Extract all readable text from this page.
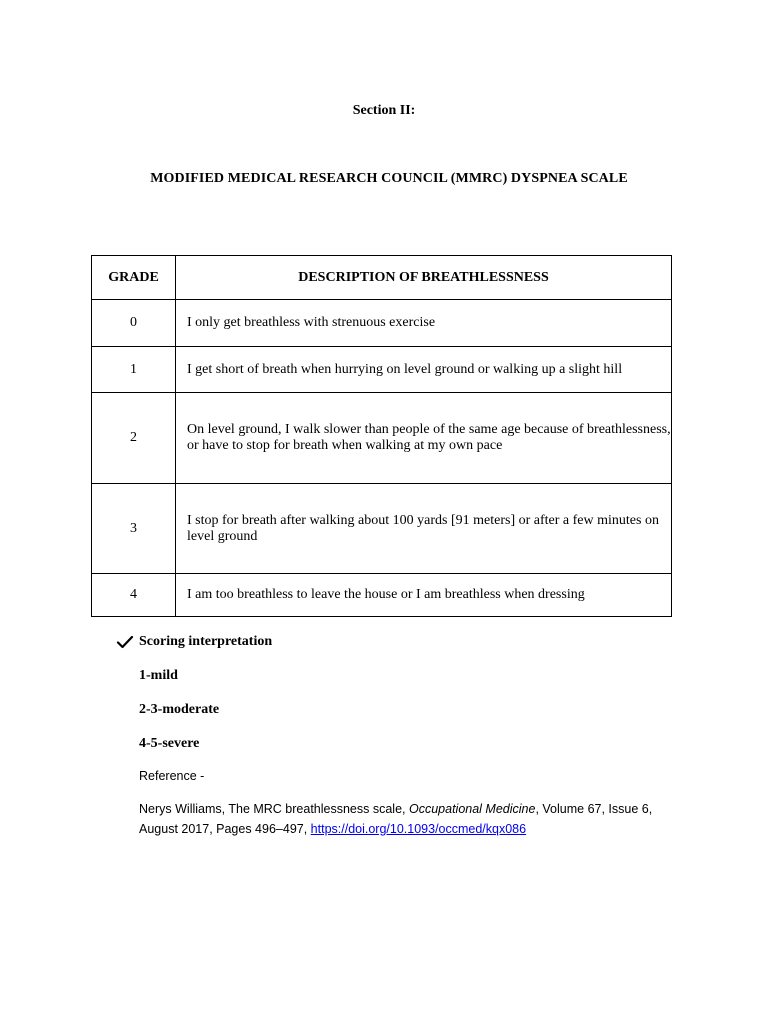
Section II:
MODIFIED MEDICAL RESEARCH COUNCIL (MMRC) DYSPNEA SCALE
GRADE	DESCRIPTION OF BREATHLESSNESS
0	I only get breathless with strenuous exercise
1	I get short of breath when hurrying on level ground or walking up a slight hill
2	On level ground, I walk slower than people of the same age because of breathlessness, or have to stop for breath when walking at my own pace
3	I stop for breath after walking about 100 yards [91 meters] or after a few minutes on level ground
4	I am too breathless to leave the house or I am breathless when dressing
Scoring interpretation
1-mild
2-3-moderate
4-5-severe
Reference -
Nerys Williams, The MRC breathlessness scale, Occupational Medicine, Volume 67, Issue 6, August 2017, Pages 496–497, https://doi.org/10.1093/occmed/kqx086
